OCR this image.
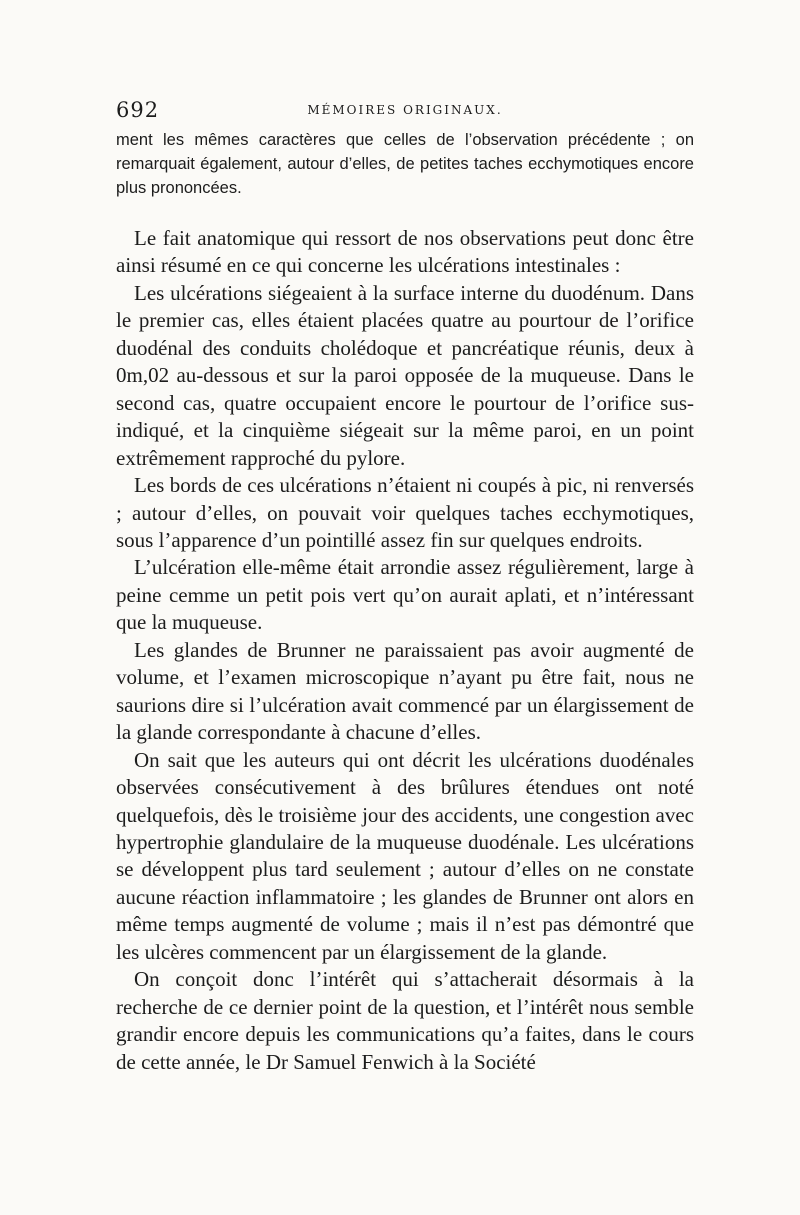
692	MÉMOIRES ORIGINAUX.

ment les mêmes caractères que celles de l’observation précédente ; on remarquait également, autour d’elles, de petites taches ecchymotiques encore plus prononcées.

Le fait anatomique qui ressort de nos observations peut donc être ainsi résumé en ce qui concerne les ulcérations intestinales :

Les ulcérations siégeaient à la surface interne du duodénum. Dans le premier cas, elles étaient placées quatre au pourtour de l’orifice duodénal des conduits cholédoque et pancréatique réunis, deux à 0m,02 au-dessous et sur la paroi opposée de la muqueuse. Dans le second cas, quatre occupaient encore le pourtour de l’orifice sus-indiqué, et la cinquième siégeait sur la même paroi, en un point extrêmement rapproché du pylore.

Les bords de ces ulcérations n’étaient ni coupés à pic, ni renversés ; autour d’elles, on pouvait voir quelques taches ecchymotiques, sous l’apparence d’un pointillé assez fin sur quelques endroits.

L’ulcération elle-même était arrondie assez régulièrement, large à peine cemme un petit pois vert qu’on aurait aplati, et n’intéressant que la muqueuse.

Les glandes de Brunner ne paraissaient pas avoir augmenté de volume, et l’examen microscopique n’ayant pu être fait, nous ne saurions dire si l’ulcération avait commencé par un élargissement de la glande correspondante à chacune d’elles.

On sait que les auteurs qui ont décrit les ulcérations duodénales observées consécutivement à des brûlures étendues ont noté quelquefois, dès le troisième jour des accidents, une congestion avec hypertrophie glandulaire de la muqueuse duodénale. Les ulcérations se développent plus tard seulement ; autour d’elles on ne constate aucune réaction inflammatoire ; les glandes de Brunner ont alors en même temps augmenté de volume ; mais il n’est pas démontré que les ulcères commencent par un élargissement de la glande.

On conçoit donc l’intérêt qui s’attacherait désormais à la recherche de ce dernier point de la question, et l’intérêt nous semble grandir encore depuis les communications qu’a faites, dans le cours de cette année, le Dr Samuel Fenwich à la Société
